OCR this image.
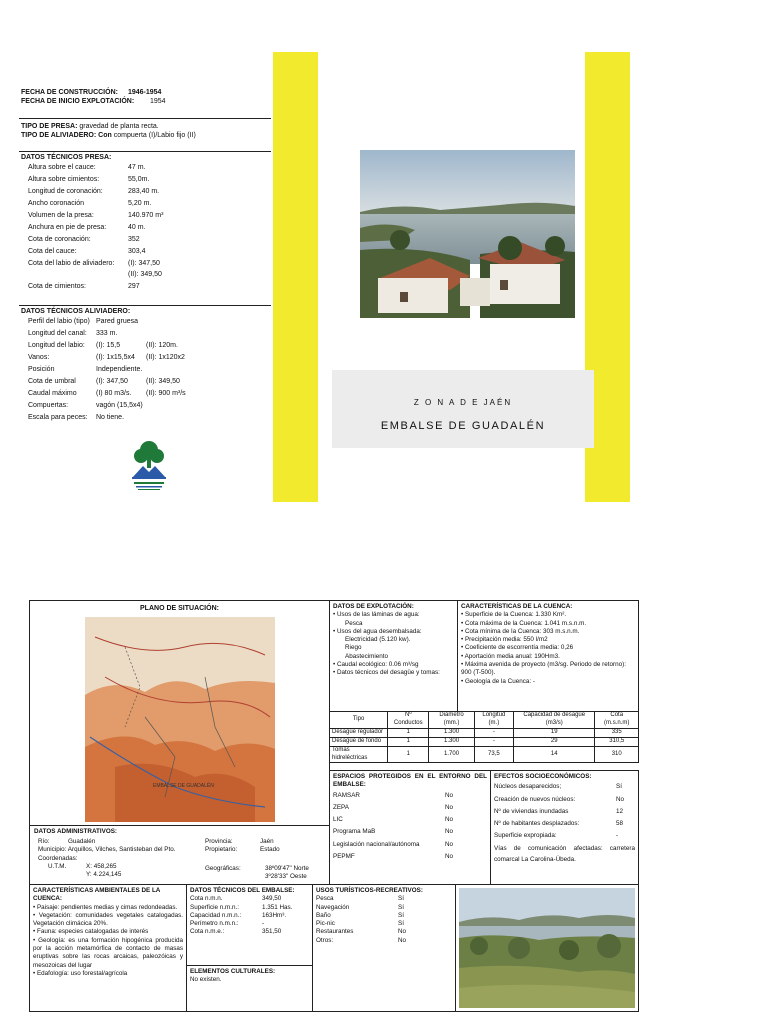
FECHA DE CONSTRUCCIÓN: 1946-1954
FECHA DE INICIO EXPLOTACIÓN: 1954
TIPO DE PRESA: gravedad de planta recta.
TIPO DE ALIVIADERO: Con compuerta (I)/Labio fijo (II)
DATOS TÉCNICOS PRESA:
Altura sobre el cauce:	47 m.
Altura sobre cimientos:	55,0m.
Longitud de coronación:	283,40 m.
Ancho coronación	5,20 m.
Volumen de la presa:	140.970 m³
Anchura en pie de presa:	40 m.
Cota de coronación:	352
Cota del cauce:	303,4
Cota del labio de aliviadero:	(I): 347,50
(II): 349,50
Cota de cimientos:	297
DATOS TÉCNICOS ALIVIADERO:
Perfil del labio (tipo) Pared gruesa
Longitud del canal:	333 m.
Longitud del labio:	(I): 15,5	(II): 120m.
Vanos:	(I): 1x15,5x4	(II): 1x120x2
Posición	Independiente.
Cota de umbral	(I): 347,50	(II): 349,50
Caudal máximo	(I) 80 m3/s.	(II): 900 m³/s
Compuertas:	vagón (15,5x4)
Escala para peces:	No tiene.
Z O N A D E JAÉN
EMBALSE DE GUADALÉN
PLANO DE SITUACIÓN:
EMBALSE DE GUADALÉN
DATOS ADMINISTRATIVOS:
Río:	Guadalén
Municipio: Arquillos, Vilches, Santisteban del Pto.
Coordenadas:
U.T.M.	X: 458,265
Y: 4.224,145
Provincia:	Jaén
Propietario:	Estado
Geográficas:	38º09'47" Norte
3º28'33" Oeste
DATOS DE EXPLOTACIÓN:
• Usos de las láminas de agua:
Pesca
• Usos del agua desembalsada:
Electricidad (5.120 kw).
Riego
Abastecimiento
• Caudal ecológico: 0.06 m³/sg
• Datos técnicos del desagüe y tomas:
CARACTERÍSTICAS DE LA CUENCA:
• Superficie de la Cuenca: 1.330 Km².
• Cota máxima de la Cuenca: 1.041 m.s.n.m.
• Cota mínima de la Cuenca: 303 m.s.n.m.
• Precipitación media: 550 l/m2
• Coeficiente de escorrentía media: 0,26
• Aportación media anual: 190Hm3.
• Máxima avenida de proyecto (m3/sg. Periodo de retorno): 900 (T-500).
• Geología de la Cuenca: -
Tipo	Nº Conductos	Diámetro (mm.)	Longitud (m.)	Capacidad de desagüe (m3/s)	Cota (m.s.n.m)
Desagüe regulador	1	1.300	-	19	335
Desagüe de fondo	1	1.300	-	29	310,5
Tomas hidreléctricas	1	1.700	73,5	14	310
ESPACIOS PROTEGIDOS EN EL ENTORNO DEL EMBALSE:
RAMSAR	No
ZEPA	No
LIC	No
Programa MaB	No
Legislación nacional/autónoma	No
PEPMF	No
EFECTOS SOCIOECONÓMICOS:
Núcleos desaparecidos;	Sí
Creación de nuevos núcleos:	No
Nº de viviendas inundadas	12
Nº de habitantes desplazados:	58
Superficie expropiada:	-
Vías de comunicación afectadas: carretera comarcal La Carolina-Úbeda.
CARACTERÍSTICAS AMBIENTALES DE LA CUENCA:
• Paisaje: pendientes medias y cimas redondeadas.
• Vegetación: comunidades vegetales catalogadas. Vegetación climácica 20%.
• Fauna: especies catalogadas de interés
• Geología: es una formación hipogénica producida por la acción metamórfica de contacto de masas eruptivas sobre las rocas arcaicas, paleozóicas y mesozoicas del lugar
• Edafología: uso forestal/agrícola
DATOS TÉCNICOS DEL EMBALSE:
Cota n.m.n.	349,50
Superficie n.m.n.:	1.351 Has.
Capacidad n.m.n.:	163Hm³.
Perímetro n.m.n.:	-
Cota n.m.e.:	351,50
ELEMENTOS CULTURALES:
No existen.
USOS TURÍSTICOS-RECREATIVOS:
Pesca	Sí
Navegación	Sí
Baño	Sí
Pic-nic	Sí
Restaurantes	No
Otros:	No
